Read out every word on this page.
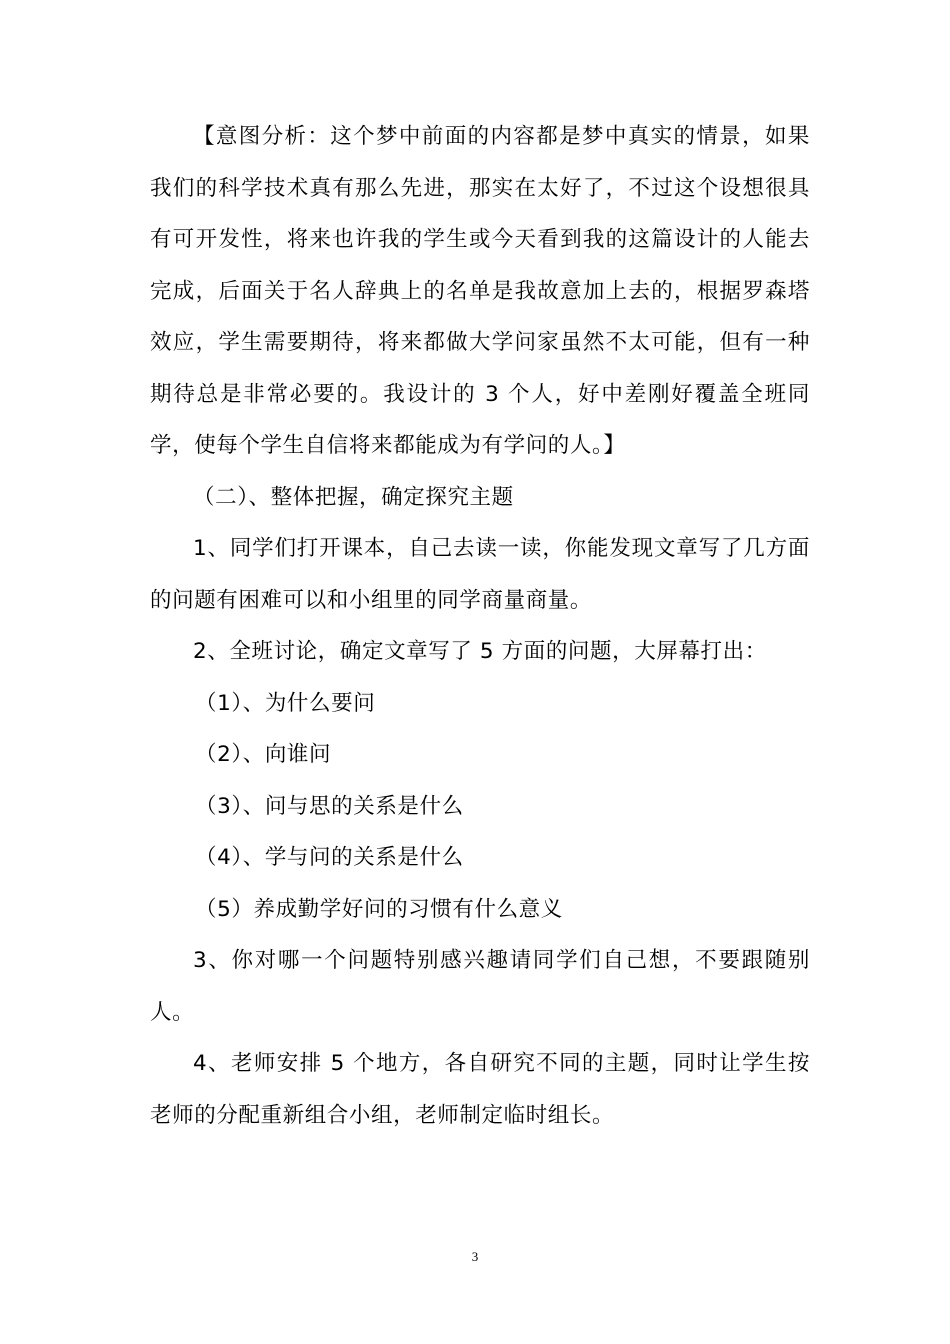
【意图分析：这个梦中前面的内容都是梦中真实的情景，如果我们的科学技术真有那么先进，那实在太好了，不过这个设想很具有可开发性，将来也许我的学生或今天看到我的这篇设计的人能去完成，后面关于名人辞典上的名单是我故意加上去的，根据罗森塔效应，学生需要期待，将来都做大学问家虽然不太可能，但有一种期待总是非常必要的。我设计的 3 个人，好中差刚好覆盖全班同学，使每个学生自信将来都能成为有学问的人。】

（二）、整体把握，确定探究主题

1、同学们打开课本，自己去读一读，你能发现文章写了几方面的问题有困难可以和小组里的同学商量商量。

2、全班讨论，确定文章写了 5 方面的问题，大屏幕打出：

（1）、为什么要问

（2）、向谁问

（3）、问与思的关系是什么

（4）、学与问的关系是什么

（5）养成勤学好问的习惯有什么意义

3、你对哪一个问题特别感兴趣请同学们自己想，不要跟随别人。

4、老师安排 5 个地方，各自研究不同的主题，同时让学生按老师的分配重新组合小组，老师制定临时组长。

3
